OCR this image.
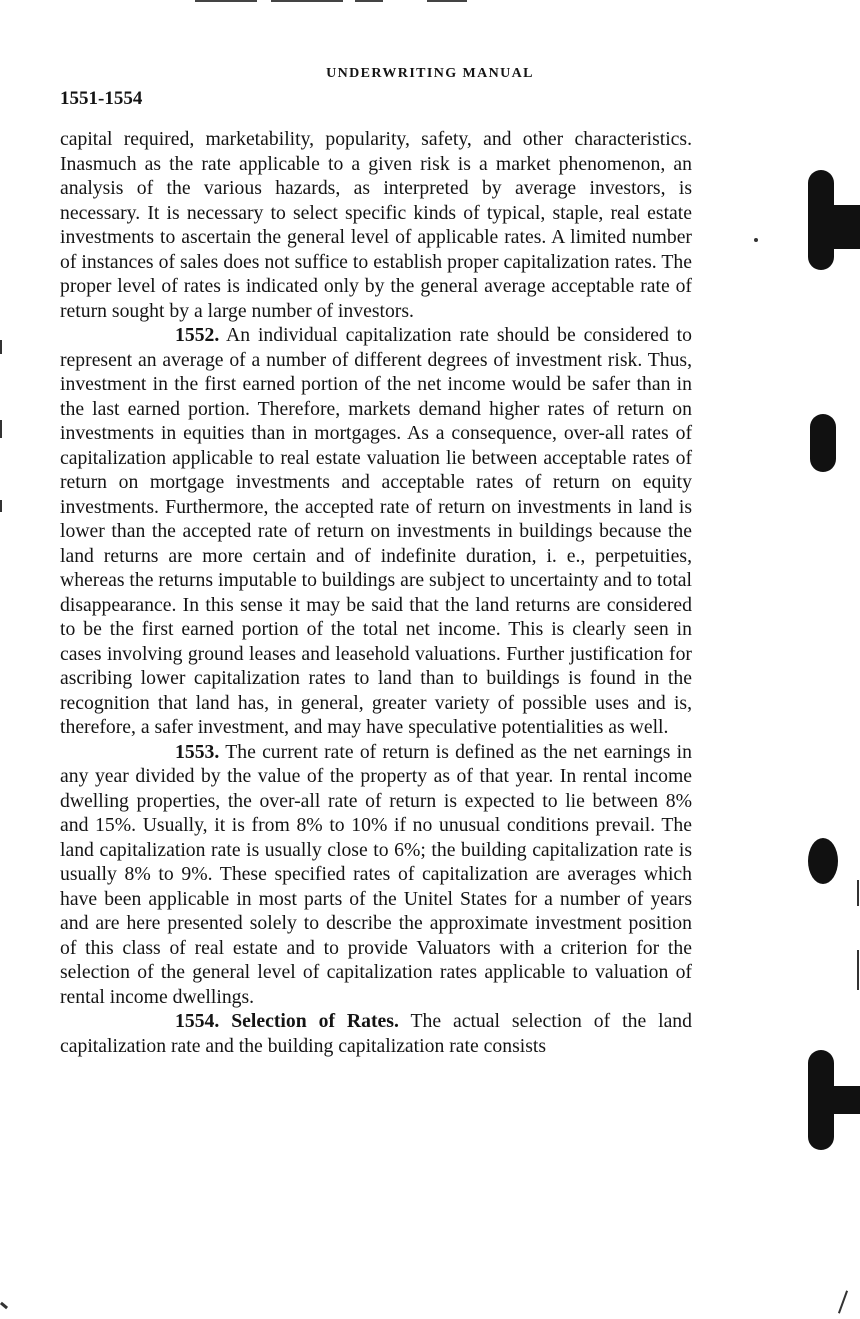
UNDERWRITING MANUAL
1551-1554

capital required, marketability, popularity, safety, and other characteristics. Inasmuch as the rate applicable to a given risk is a market phenomenon, an analysis of the various hazards, as interpreted by average investors, is necessary. It is necessary to select specific kinds of typical, staple, real estate investments to ascertain the general level of applicable rates. A limited number of instances of sales does not suffice to establish proper capitalization rates. The proper level of rates is indicated only by the general average acceptable rate of return sought by a large number of investors.

1552. An individual capitalization rate should be considered to represent an average of a number of different degrees of investment risk. Thus, investment in the first earned portion of the net income would be safer than in the last earned portion. Therefore, markets demand higher rates of return on investments in equities than in mortgages. As a consequence, over-all rates of capitalization applicable to real estate valuation lie between acceptable rates of return on mortgage investments and acceptable rates of return on equity investments. Furthermore, the accepted rate of return on investments in land is lower than the accepted rate of return on investments in buildings because the land returns are more certain and of indefinite duration, i. e., perpetuities, whereas the returns imputable to buildings are subject to uncertainty and to total disappearance. In this sense it may be said that the land returns are considered to be the first earned portion of the total net income. This is clearly seen in cases involving ground leases and leasehold valuations. Further justification for ascribing lower capitalization rates to land than to buildings is found in the recognition that land has, in general, greater variety of possible uses and is, therefore, a safer investment, and may have speculative potentialities as well.

1553. The current rate of return is defined as the net earnings in any year divided by the value of the property as of that year. In rental income dwelling properties, the over-all rate of return is expected to lie between 8% and 15%. Usually, it is from 8% to 10% if no unusual conditions prevail. The land capitalization rate is usually close to 6%; the building capitalization rate is usually 8% to 9%. These specified rates of capitalization are averages which have been applicable in most parts of the Unitel States for a number of years and are here presented solely to describe the approximate investment position of this class of real estate and to provide Valuators with a criterion for the selection of the general level of capitalization rates applicable to valuation of rental income dwellings.

1554. Selection of Rates. The actual selection of the land capitalization rate and the building capitalization rate consists
